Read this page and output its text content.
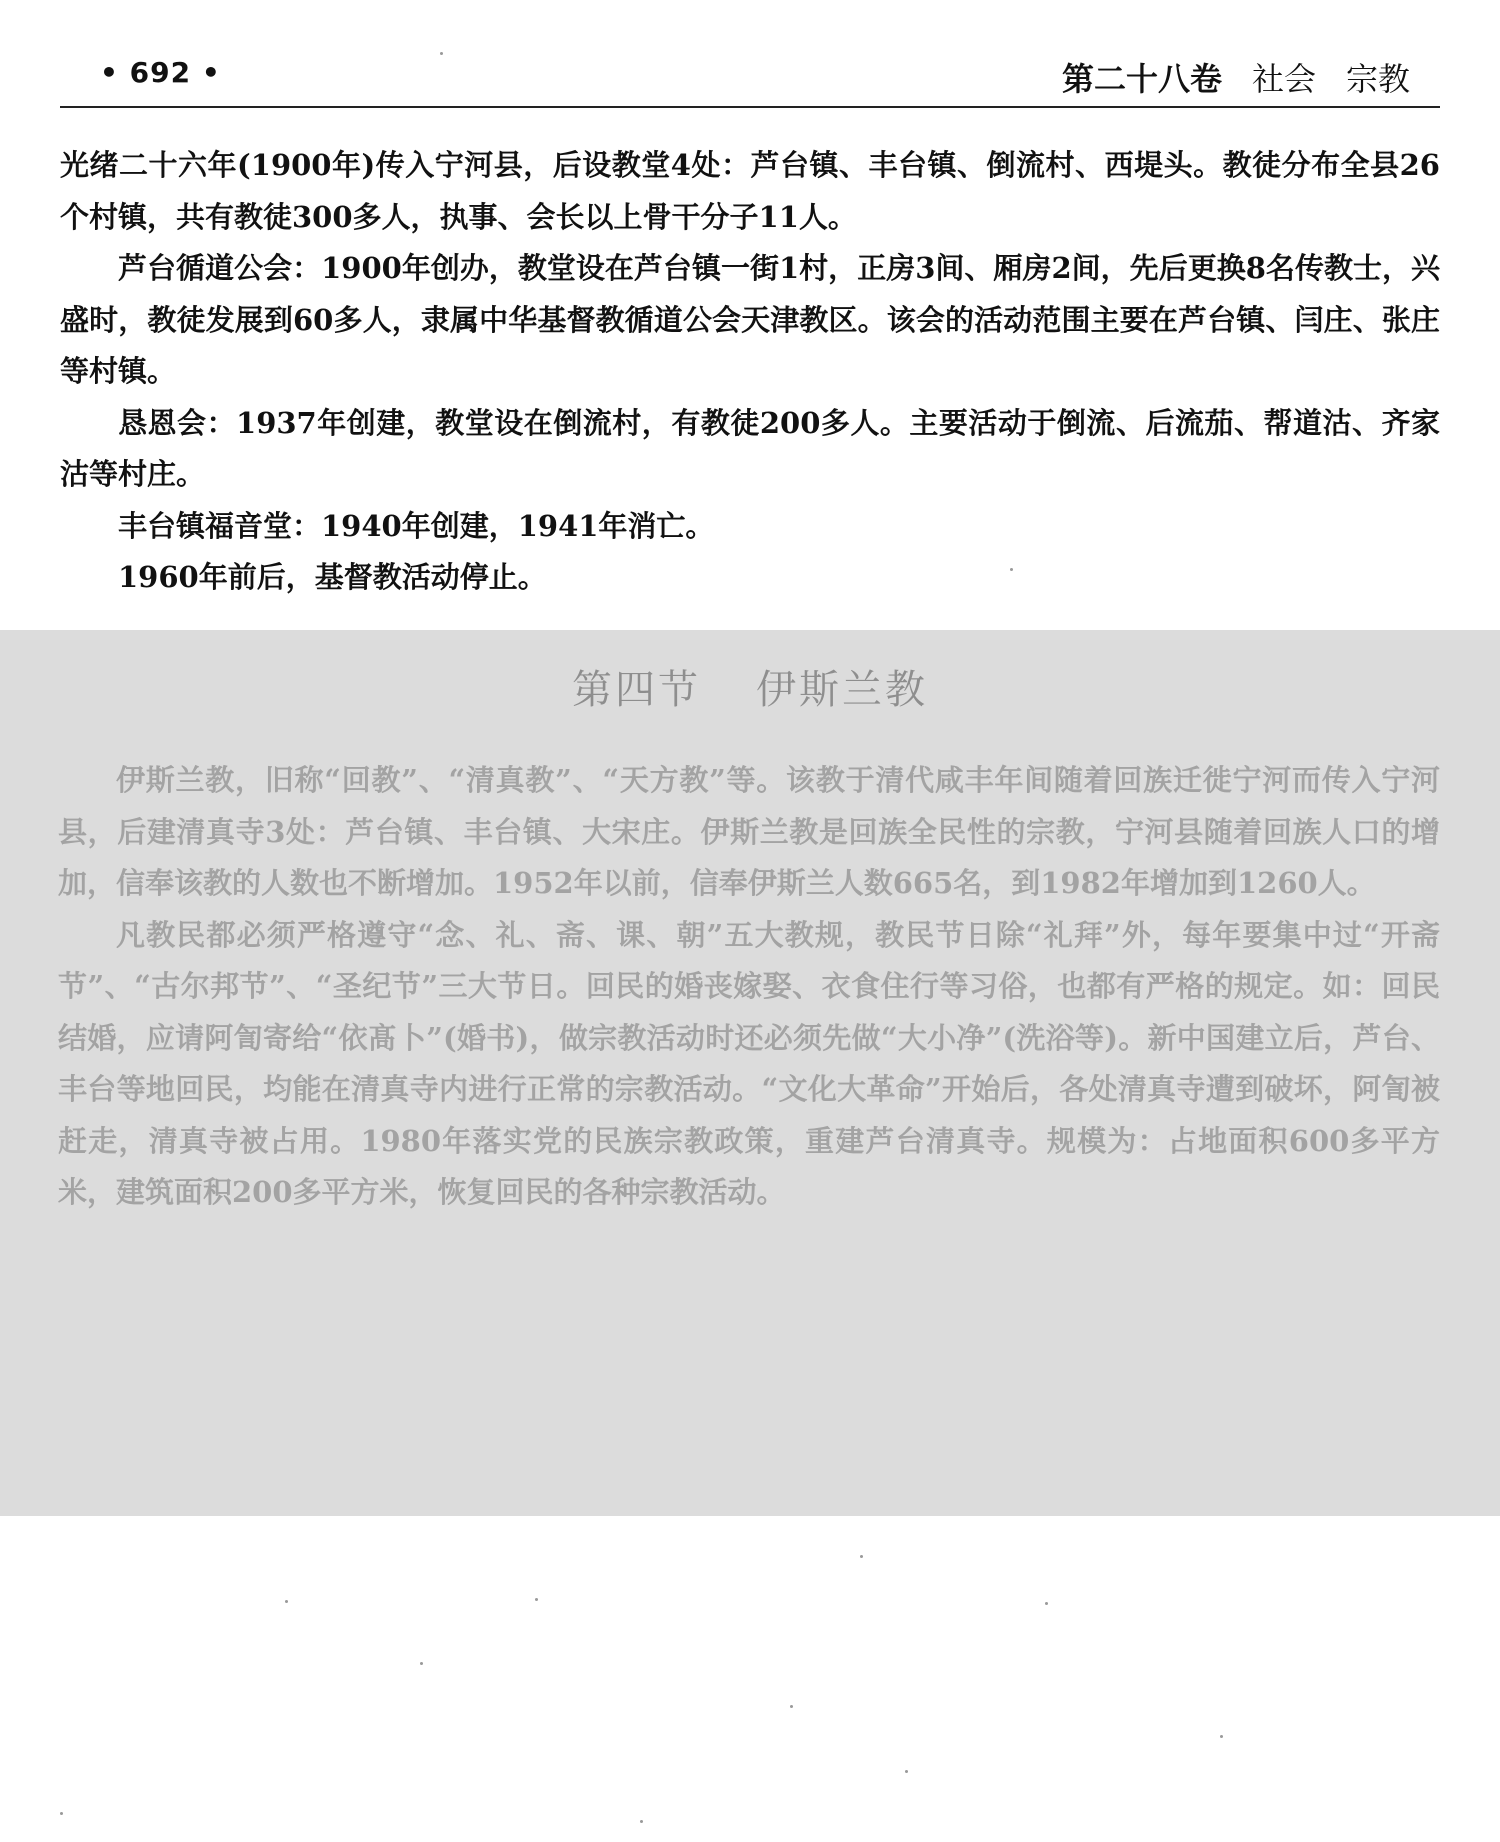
• 692 •	第二十八卷 社会 宗教

光绪二十六年(1900年)传入宁河县，后设教堂4处：芦台镇、丰台镇、倒流村、西堤头。教徒分布全县26个村镇，共有教徒300多人，执事、会长以上骨干分子11人。

芦台循道公会：1900年创办，教堂设在芦台镇一街1村，正房3间、厢房2间，先后更换8名传教士，兴盛时，教徒发展到60多人，隶属中华基督教循道公会天津教区。该会的活动范围主要在芦台镇、闫庄、张庄等村镇。

恳恩会：1937年创建，教堂设在倒流村，有教徒200多人。主要活动于倒流、后流茄、帮道沽、齐家沽等村庄。

丰台镇福音堂：1940年创建，1941年消亡。

1960年前后，基督教活动停止。

第四节 伊斯兰教

伊斯兰教，旧称“回教”、“清真教”、“天方教”等。该教于清代咸丰年间随着回族迁徙宁河而传入宁河县，后建清真寺3处：芦台镇、丰台镇、大宋庄。伊斯兰教是回族全民性的宗教，宁河县随着回族人口的增加，信奉该教的人数也不断增加。1952年以前，信奉伊斯兰人数665名，到1982年增加到1260人。

凡教民都必须严格遵守“念、礼、斋、课、朝”五大教规，教民节日除“礼拜”外，每年要集中过“开斋节”、“古尔邦节”、“圣纪节”三大节日。回民的婚丧嫁娶、衣食住行等习俗，也都有严格的规定。如：回民结婚，应请阿訇寄给“依髙卜”(婚书)，做宗教活动时还必须先做“大小净”(洗浴等)。新中国建立后，芦台、丰台等地回民，均能在清真寺内进行正常的宗教活动。“文化大革命”开始后，各处清真寺遭到破坏，阿訇被赶走，清真寺被占用。1980年落实党的民族宗教政策，重建芦台清真寺。规模为：占地面积600多平方米，建筑面积200多平方米，恢复回民的各种宗教活动。
